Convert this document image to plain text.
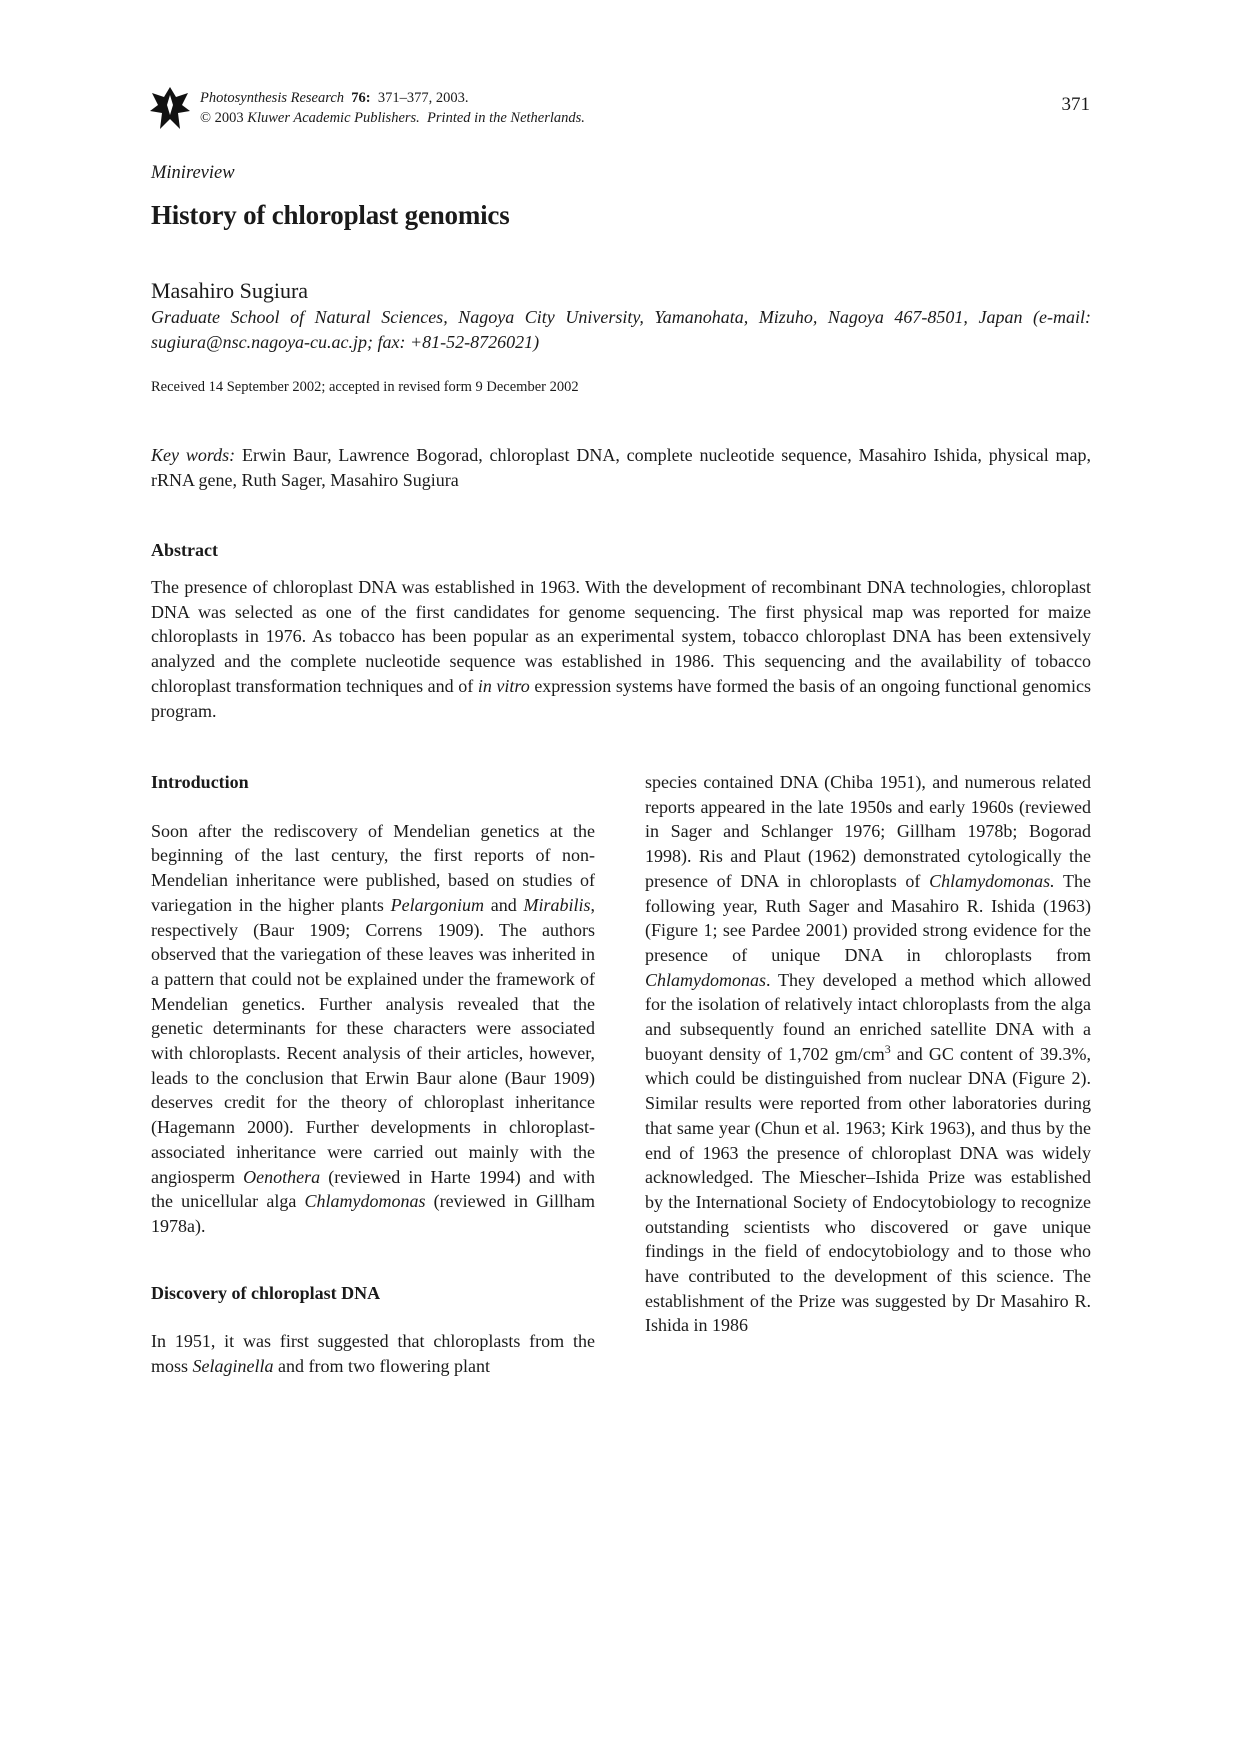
Photosynthesis Research 76: 371–377, 2003.
© 2003 Kluwer Academic Publishers. Printed in the Netherlands.
371
Minireview
History of chloroplast genomics
Masahiro Sugiura
Graduate School of Natural Sciences, Nagoya City University, Yamanohata, Mizuho, Nagoya 467-8501, Japan (e-mail: sugiura@nsc.nagoya-cu.ac.jp; fax: +81-52-8726021)
Received 14 September 2002; accepted in revised form 9 December 2002
Key words: Erwin Baur, Lawrence Bogorad, chloroplast DNA, complete nucleotide sequence, Masahiro Ishida, physical map, rRNA gene, Ruth Sager, Masahiro Sugiura
Abstract

The presence of chloroplast DNA was established in 1963. With the development of recombinant DNA technologies, chloroplast DNA was selected as one of the first candidates for genome sequencing. The first physical map was reported for maize chloroplasts in 1976. As tobacco has been popular as an experimental system, tobacco chloroplast DNA has been extensively analyzed and the complete nucleotide sequence was established in 1986. This sequencing and the availability of tobacco chloroplast transformation techniques and of in vitro expression systems have formed the basis of an ongoing functional genomics program.

Introduction

Soon after the rediscovery of Mendelian genetics at the beginning of the last century, the first reports of non-Mendelian inheritance were published, based on studies of variegation in the higher plants Pelargonium and Mirabilis, respectively (Baur 1909; Correns 1909). The authors observed that the variegation of these leaves was inherited in a pattern that could not be explained under the framework of Mendelian genetics. Further analysis revealed that the genetic determinants for these characters were associated with chloroplasts. Recent analysis of their articles, however, leads to the conclusion that Erwin Baur alone (Baur 1909) deserves credit for the theory of chloroplast inheritance (Hagemann 2000). Further developments in chloroplast-associated inheritance were carried out mainly with the angiosperm Oenothera (reviewed in Harte 1994) and with the unicellular alga Chlamydomonas (reviewed in Gillham 1978a).

Discovery of chloroplast DNA

In 1951, it was first suggested that chloroplasts from the moss Selaginella and from two flowering plant

species contained DNA (Chiba 1951), and numerous related reports appeared in the late 1950s and early 1960s (reviewed in Sager and Schlanger 1976; Gillham 1978b; Bogorad 1998). Ris and Plaut (1962) demonstrated cytologically the presence of DNA in chloroplasts of Chlamydomonas. The following year, Ruth Sager and Masahiro R. Ishida (1963) (Figure 1; see Pardee 2001) provided strong evidence for the presence of unique DNA in chloroplasts from Chlamydomonas. They developed a method which allowed for the isolation of relatively intact chloroplasts from the alga and subsequently found an enriched satellite DNA with a buoyant density of 1,702 $gm/cm^3$ and GC content of 39.3%, which could be distinguished from nuclear DNA (Figure 2). Similar results were reported from other laboratories during that same year (Chun et al. 1963; Kirk 1963), and thus by the end of 1963 the presence of chloroplast DNA was widely acknowledged. The Miescher–Ishida Prize was established by the International Society of Endocytobiology to recognize outstanding scientists who discovered or gave unique findings in the field of endocytobiology and to those who have contributed to the development of this science. The establishment of the Prize was suggested by Dr Masahiro R. Ishida in 1986
